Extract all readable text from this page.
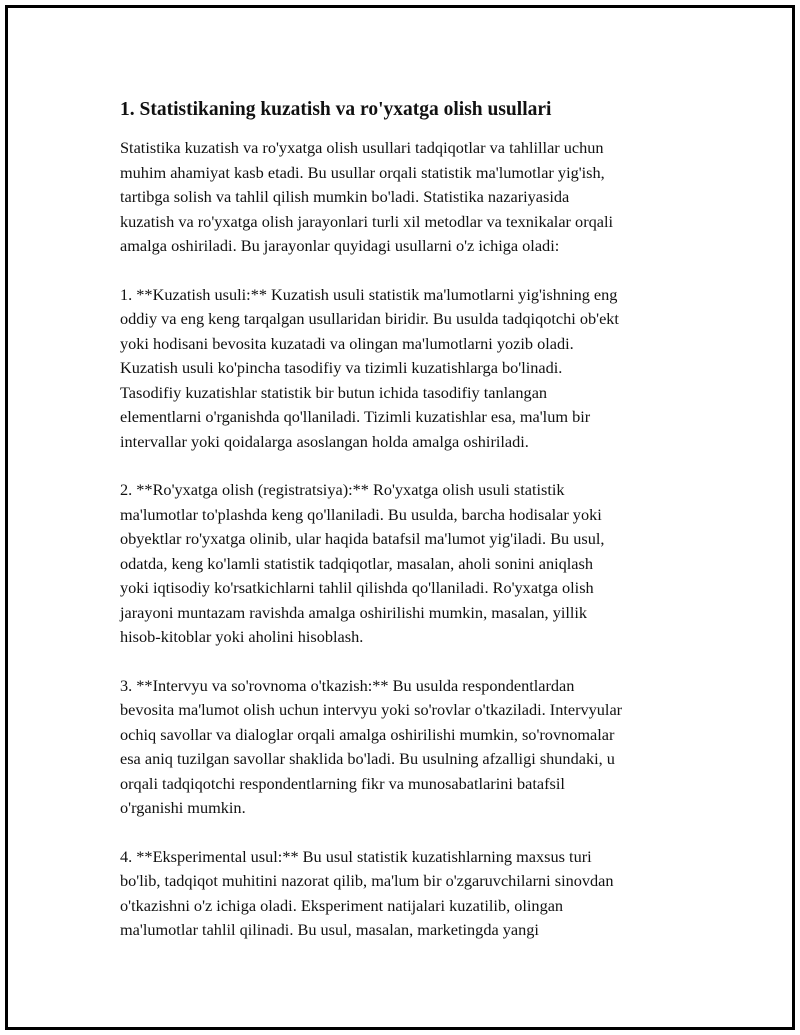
1. Statistikaning kuzatish va ro'yxatga olish usullari

Statistika kuzatish va ro'yxatga olish usullari tadqiqotlar va tahlillar uchun
muhim ahamiyat kasb etadi. Bu usullar orqali statistik ma'lumotlar yig'ish,
tartibga solish va tahlil qilish mumkin bo'ladi. Statistika nazariyasida
kuzatish va ro'yxatga olish jarayonlari turli xil metodlar va texnikalar orqali
amalga oshiriladi. Bu jarayonlar quyidagi usullarni o'z ichiga oladi:

1. **Kuzatish usuli:** Kuzatish usuli statistik ma'lumotlarni yig'ishning eng
oddiy va eng keng tarqalgan usullaridan biridir. Bu usulda tadqiqotchi ob'ekt
yoki hodisani bevosita kuzatadi va olingan ma'lumotlarni yozib oladi.
Kuzatish usuli ko'pincha tasodifiy va tizimli kuzatishlarga bo'linadi.
Tasodifiy kuzatishlar statistik bir butun ichida tasodifiy tanlangan
elementlarni o'rganishda qo'llaniladi. Tizimli kuzatishlar esa, ma'lum bir
intervallar yoki qoidalarga asoslangan holda amalga oshiriladi.

2. **Ro'yxatga olish (registratsiya):** Ro'yxatga olish usuli statistik
ma'lumotlar to'plashda keng qo'llaniladi. Bu usulda, barcha hodisalar yoki
obyektlar ro'yxatga olinib, ular haqida batafsil ma'lumot yig'iladi. Bu usul,
odatda, keng ko'lamli statistik tadqiqotlar, masalan, aholi sonini aniqlash
yoki iqtisodiy ko'rsatkichlarni tahlil qilishda qo'llaniladi. Ro'yxatga olish
jarayoni muntazam ravishda amalga oshirilishi mumkin, masalan, yillik
hisob-kitoblar yoki aholini hisoblash.

3. **Intervyu va so'rovnoma o'tkazish:** Bu usulda respondentlardan
bevosita ma'lumot olish uchun intervyu yoki so'rovlar o'tkaziladi. Intervyular
ochiq savollar va dialoglar orqali amalga oshirilishi mumkin, so'rovnomalar
esa aniq tuzilgan savollar shaklida bo'ladi. Bu usulning afzalligi shundaki, u
orqali tadqiqotchi respondentlarning fikr va munosabatlarini batafsil
o'rganishi mumkin.

4. **Eksperimental usul:** Bu usul statistik kuzatishlarning maxsus turi
bo'lib, tadqiqot muhitini nazorat qilib, ma'lum bir o'zgaruvchilarni sinovdan
o'tkazishni o'z ichiga oladi. Eksperiment natijalari kuzatilib, olingan
ma'lumotlar tahlil qilinadi. Bu usul, masalan, marketingda yangi
